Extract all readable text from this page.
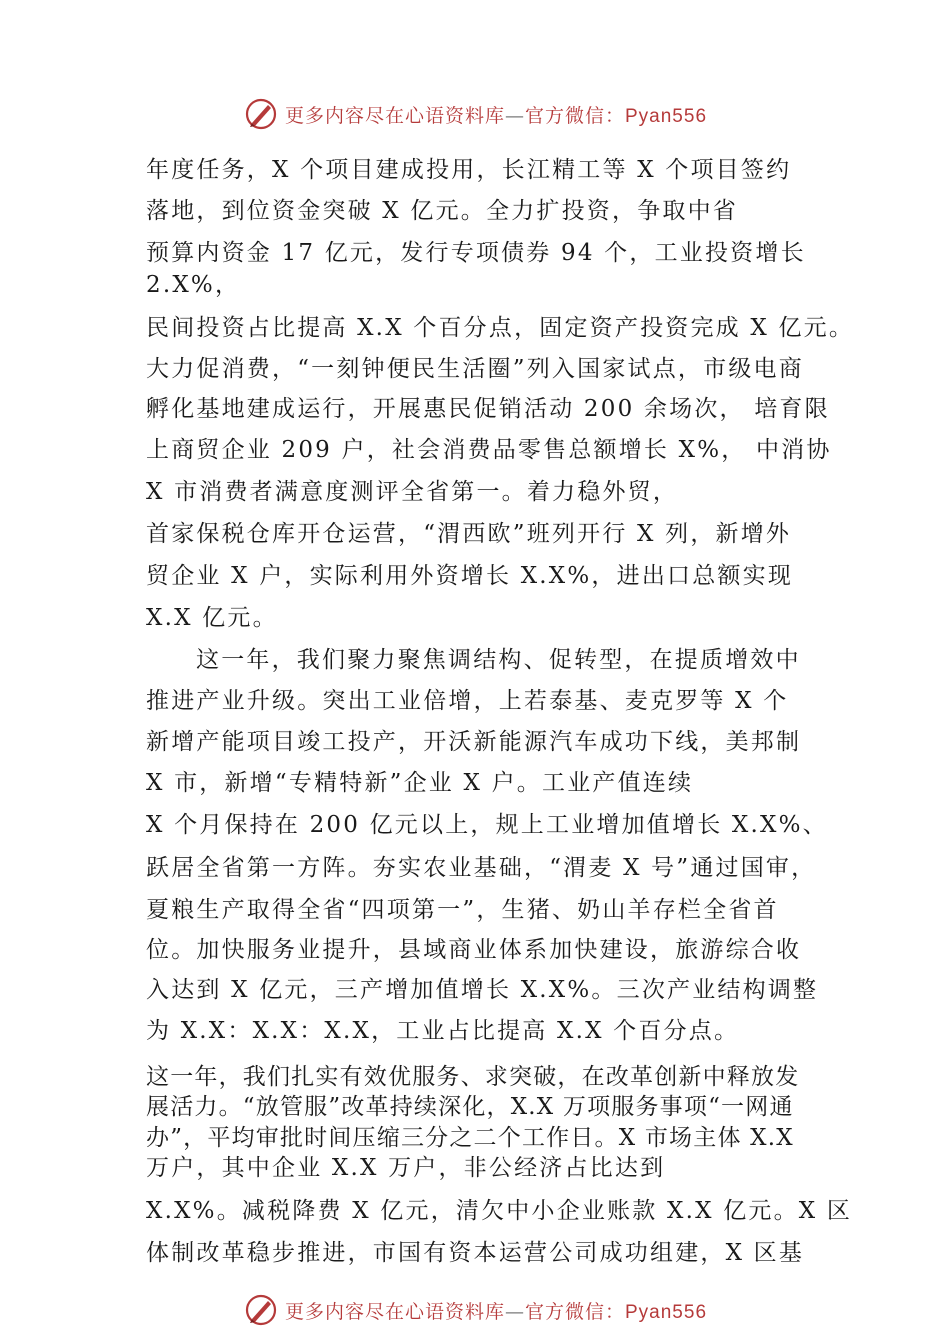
更多内容尽在心语资料库—官方微信：Pyan556
年度任务，X 个项目建成投用，长江精工等 X 个项目签约
落地，到位资金突破 X 亿元。全力扩投资，争取中省
预算内资金 17 亿元，发行专项债券 94 个，工业投资增长
2.X%，
民间投资占比提高 X.X 个百分点，固定资产投资完成 X 亿元。
大力促消费，“一刻钟便民生活圈”列入国家试点，市级电商
孵化基地建成运行，开展惠民促销活动 200 余场次， 培育限
上商贸企业 209 户，社会消费品零售总额增长 X%， 中消协
X 市消费者满意度测评全省第一。着力稳外贸，
首家保税仓库开仓运营，“渭西欧”班列开行 X 列，新增外
贸企业 X 户，实际利用外资增长 X.X%，进出口总额实现
X.X 亿元。
这一年，我们聚力聚焦调结构、促转型，在提质增效中
推进产业升级。突出工业倍增，上若泰基、麦克罗等 X 个
新增产能项目竣工投产，开沃新能源汽车成功下线，美邦制
X 市，新增“专精特新”企业 X 户。工业产值连续
X 个月保持在 200 亿元以上，规上工业增加值增长 X.X%、
跃居全省第一方阵。夯实农业基础，“渭麦 X 号”通过国审，
夏粮生产取得全省“四项第一”，生猪、奶山羊存栏全省首
位。加快服务业提升，县域商业体系加快建设，旅游综合收
入达到 X 亿元，三产增加值增长 X.X%。三次产业结构调整
为 X.X：X.X：X.X，工业占比提高 X.X 个百分点。
这一年，我们扎实有效优服务、求突破，在改革创新中释放发
展活力。“放管服”改革持续深化，X.X 万项服务事项“一网通
办”，平均审批时间压缩三分之二个工作日。X 市场主体 X.X
万户，其中企业 X.X 万户，非公经济占比达到
X.X%。减税降费 X 亿元，清欠中小企业账款 X.X 亿元。X 区
体制改革稳步推进，市国有资本运营公司成功组建，X 区基
更多内容尽在心语资料库—官方微信：Pyan556
